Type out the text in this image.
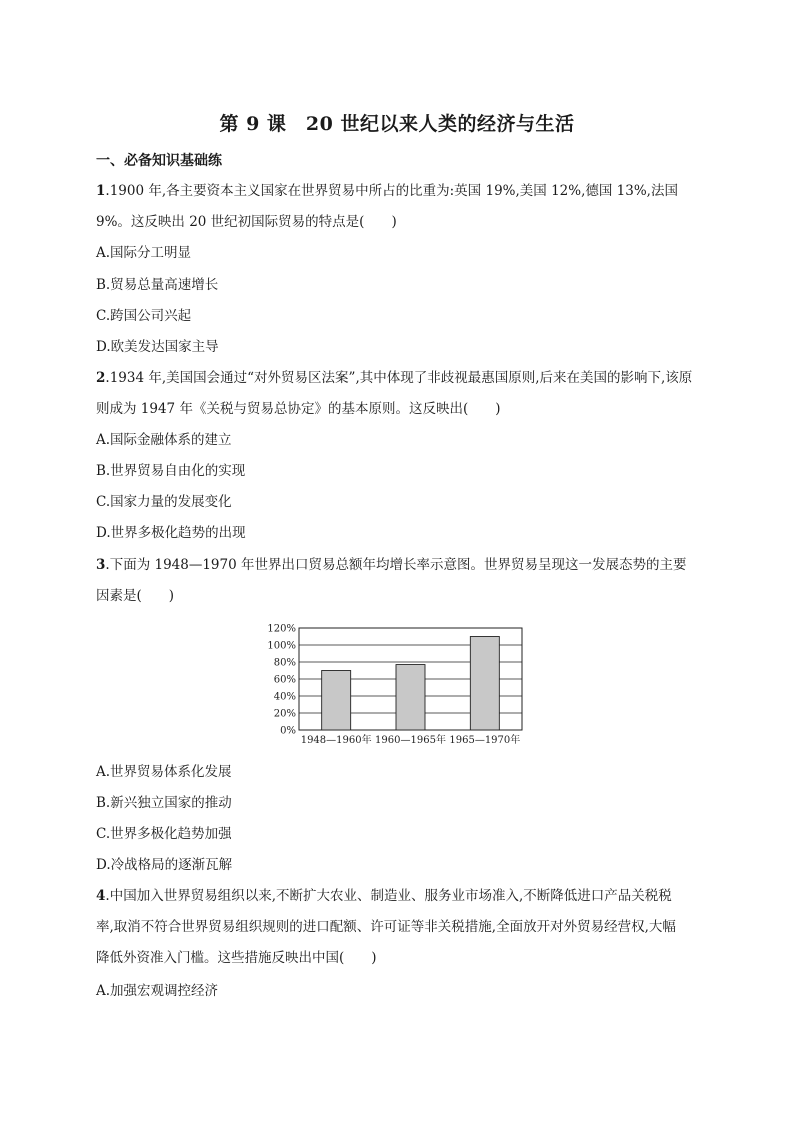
第 9 课　20 世纪以来人类的经济与生活
一、必备知识基础练
1.1900 年,各主要资本主义国家在世界贸易中所占的比重为:英国 19%,美国 12%,德国 13%,法国
9%。这反映出 20 世纪初国际贸易的特点是(　　)
A.国际分工明显
B.贸易总量高速增长
C.跨国公司兴起
D.欧美发达国家主导
2.1934 年,美国国会通过“对外贸易区法案”,其中体现了非歧视最惠国原则,后来在美国的影响下,该原
则成为 1947 年《关税与贸易总协定》的基本原则。这反映出(　　)
A.国际金融体系的建立
B.世界贸易自由化的实现
C.国家力量的发展变化
D.世界多极化趋势的出现
3.下面为 1948—1970 年世界出口贸易总额年均增长率示意图。世界贸易呈现这一发展态势的主要
因素是(　　)
0%
20%
40%
60%
80%
100%
120%
1948—1960年 1960—1965年 1965—1970年
A.世界贸易体系化发展
B.新兴独立国家的推动
C.世界多极化趋势加强
D.冷战格局的逐渐瓦解
4.中国加入世界贸易组织以来,不断扩大农业、制造业、服务业市场准入,不断降低进口产品关税税
率,取消不符合世界贸易组织规则的进口配额、许可证等非关税措施,全面放开对外贸易经营权,大幅
降低外资准入门槛。这些措施反映出中国(　　)
A.加强宏观调控经济
